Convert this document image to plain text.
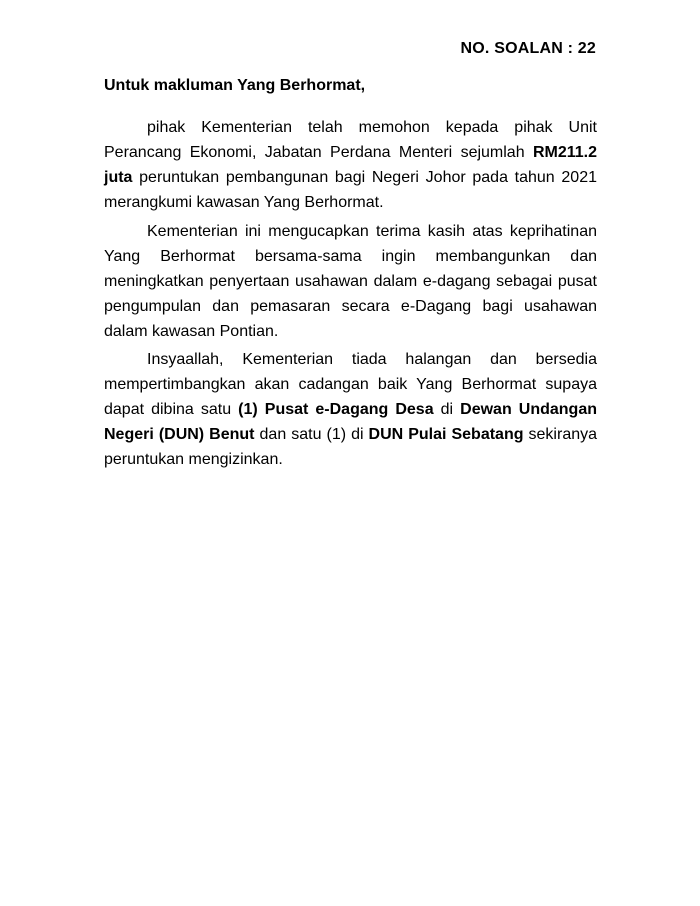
NO. SOALAN : 22
Untuk makluman Yang Berhormat,

pihak Kementerian telah memohon kepada pihak Unit Perancang Ekonomi, Jabatan Perdana Menteri sejumlah RM211.2 juta peruntukan pembangunan bagi Negeri Johor pada tahun 2021 merangkumi kawasan Yang Berhormat.

Kementerian ini mengucapkan terima kasih atas keprihatinan Yang Berhormat bersama-sama ingin membangunkan dan meningkatkan penyertaan usahawan dalam e-dagang sebagai pusat pengumpulan dan pemasaran secara e-Dagang bagi usahawan dalam kawasan Pontian.

Insyaallah, Kementerian tiada halangan dan bersedia mempertimbangkan akan cadangan baik Yang Berhormat supaya dapat dibina satu (1) Pusat e-Dagang Desa di Dewan Undangan Negeri (DUN) Benut dan satu (1) di DUN Pulai Sebatang sekiranya peruntukan mengizinkan.
